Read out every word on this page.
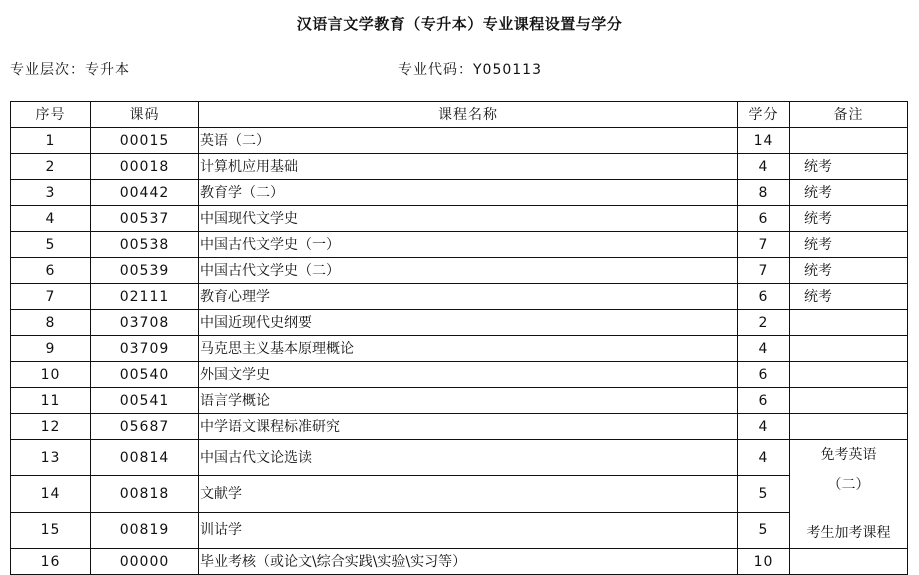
汉语言文学教育（专升本）专业课程设置与学分
专业层次：专升本	专业代码：Y050113
序号	课码	课程名称	学分	备注
1	00015	英语（二）	14	
2	00018	计算机应用基础	4	统考
3	00442	教育学（二）	8	统考
4	00537	中国现代文学史	6	统考
5	00538	中国古代文学史（一）	7	统考
6	00539	中国古代文学史（二）	7	统考
7	02111	教育心理学	6	统考
8	03708	中国近现代史纲要	2	
9	03709	马克思主义基本原理概论	4	
10	00540	外国文学史	6	
11	00541	语言学概论	6	
12	05687	中学语文课程标准研究	4	
13	00814	中国古代文论选读	4	免考英语
（二）
考生加考课程

14	00818	文献学	5	
15	00819	训诂学	5	
16	00000	毕业考核（或论文\综合实践\实验\实习等）	10	
